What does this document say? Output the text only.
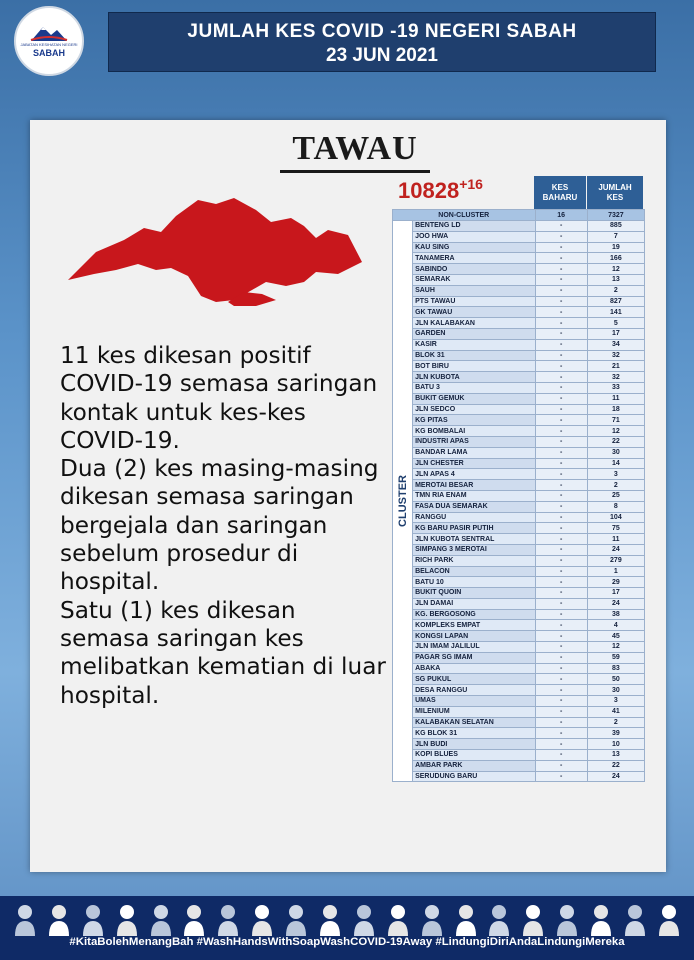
JABATAN KESIHATAN NEGERI
SABAH
JUMLAH KES COVID -19 NEGERI SABAH
23 JUN 2021
TAWAU

11 kes dikesan positif COVID-19 semasa saringan kontak untuk kes-kes COVID-19.

Dua (2) kes masing-masing dikesan semasa saringan bergejala dan saringan sebelum prosedur di hospital.

Satu (1) kes dikesan semasa saringan kes melibatkan kematian di luar hospital.

10828+16	KES
BAHARU
JUMLAH
KES
NON-CLUSTER		16	7327

CLUSTER	BENTENG LD	-	885
	JOO HWA	-	7
	KAU SING	-	19
	TANAMERA	-	166
	SABINDO	-	12
	SEMARAK	-	13
	SAUH	-	2
	PTS TAWAU	-	827
	GK TAWAU	-	141
	JLN KALABAKAN	-	5
	GARDEN	-	17
	KASIR	-	34
	BLOK 31	-	32
	BOT BIRU	-	21
	JLN KUBOTA	-	32
	BATU 3	-	33
	BUKIT GEMUK	-	11
	JLN SEDCO	-	18
	KG PITAS	-	71
	KG BOMBALAI	-	12
	INDUSTRI APAS	-	22
	BANDAR LAMA	-	30
	JLN CHESTER	-	14
	JLN APAS 4	-	3
	MEROTAI BESAR	-	2
	TMN RIA ENAM	-	25
	FASA DUA SEMARAK	-	8
	RANGGU	-	104
	KG BARU PASIR PUTIH	-	75
	JLN KUBOTA SENTRAL	-	11
	SIMPANG 3 MEROTAI	-	24
	RICH PARK	-	279
	BELACON	-	1
	BATU 10	-	29
	BUKIT QUOIN	-	17
	JLN DAMAI	-	24
	KG. BERGOSONG	-	38
	KOMPLEKS EMPAT	-	4
	KONGSI LAPAN	-	45
	JLN IMAM JALILUL	-	12
	PAGAR SG IMAM	-	59
	ABAKA	-	83
	SG PUKUL	-	50
	DESA RANGGU	-	30
	UMAS	-	3
	MILENIUM	-	41
	KALABAKAN SELATAN	-	2
	KG BLOK 31	-	39
	JLN BUDI	-	10
	KOPI BLUES	-	13
	AMBAR PARK	-	22
	SERUDUNG BARU	-	24
#KitaBolehMenangBah #WashHandsWithSoapWashCOVID-19Away #LindungiDiriAndaLindungiMereka
